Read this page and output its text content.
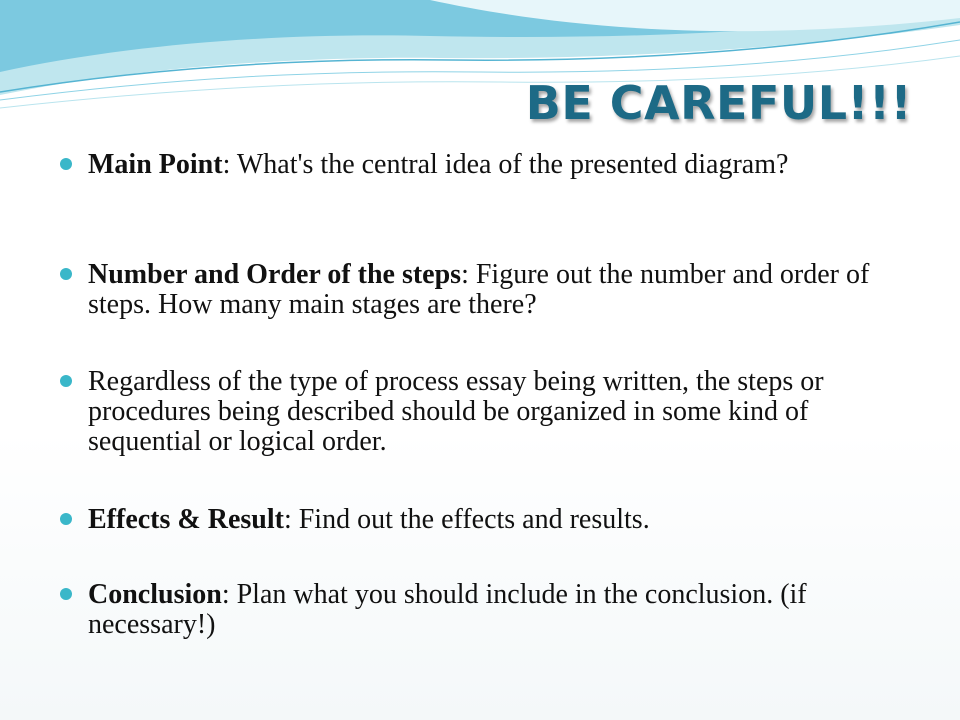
BE CAREFUL!!!
Main Point: What's the central idea of the presented diagram?
Number and Order of the steps: Figure out the number and order of steps. How many main stages are there?
Regardless of the type of process essay being written, the steps or procedures being described should be organized in some kind of sequential or logical order.
Effects & Result: Find out the effects and results.
Conclusion: Plan what you should include in the conclusion. (if necessary!)
